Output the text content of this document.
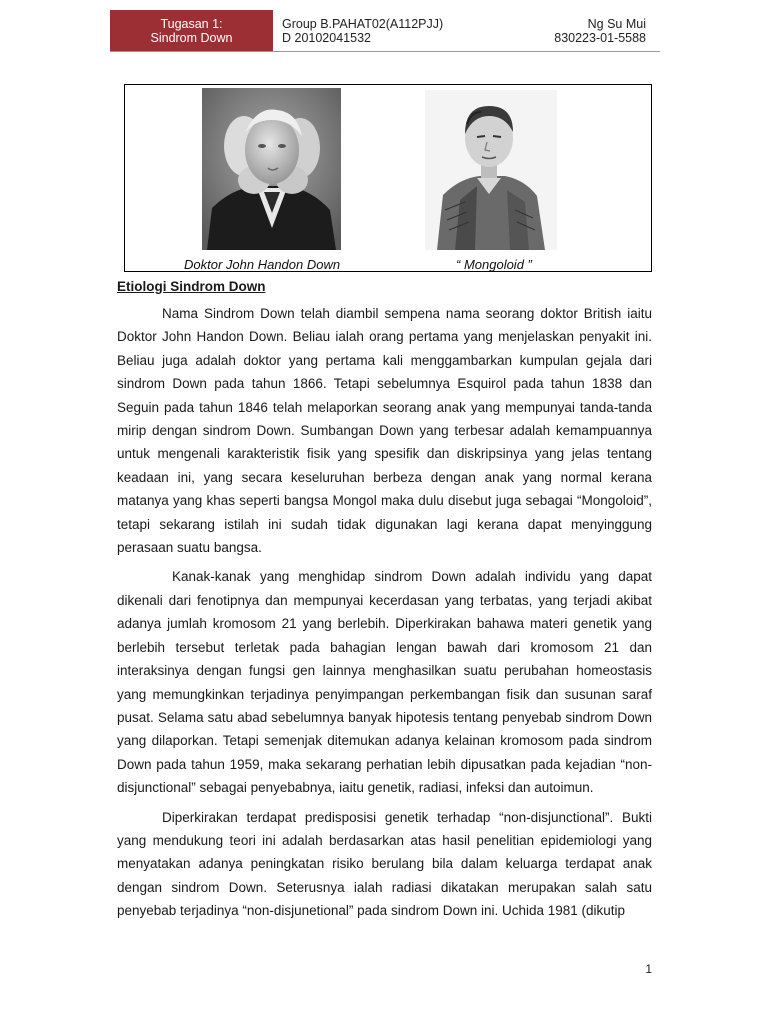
Tugasan 1:
Sindrom Down
Group B.PAHAT02(A112PJJ)
D 20102041532
Ng Su Mui
830223-01-5588
Doktor John Handon Down	“ Mongoloid ”
Etiologi Sindrom Down

Nama Sindrom Down telah diambil sempena nama seorang doktor British iaitu Doktor John Handon Down. Beliau ialah orang pertama yang menjelaskan penyakit ini. Beliau juga adalah doktor yang pertama kali menggambarkan kumpulan gejala dari sindrom Down pada tahun 1866. Tetapi sebelumnya Esquirol pada tahun 1838 dan Seguin pada tahun 1846 telah melaporkan seorang anak yang mempunyai tanda-tanda mirip dengan sindrom Down. Sumbangan Down yang terbesar adalah kemampuannya untuk mengenali karakteristik fisik yang spesifik dan diskripsinya yang jelas tentang keadaan ini, yang secara keseluruhan berbeza dengan anak yang normal kerana matanya yang khas seperti bangsa Mongol maka dulu disebut juga sebagai “Mongoloid”, tetapi sekarang istilah ini sudah tidak digunakan lagi kerana dapat menyinggung perasaan suatu bangsa.

Kanak-kanak yang menghidap sindrom Down adalah individu yang dapat dikenali dari fenotipnya dan mempunyai kecerdasan yang terbatas, yang terjadi akibat adanya jumlah kromosom 21 yang berlebih. Diperkirakan bahawa materi genetik yang berlebih tersebut terletak pada bahagian lengan bawah dari kromosom 21 dan interaksinya dengan fungsi gen lainnya menghasilkan suatu perubahan homeostasis yang memungkinkan terjadinya penyimpangan perkembangan fisik dan susunan saraf pusat. Selama satu abad sebelumnya banyak hipotesis tentang penyebab sindrom Down yang dilaporkan. Tetapi semenjak ditemukan adanya kelainan kromosom pada sindrom Down pada tahun 1959, maka sekarang perhatian lebih dipusatkan pada kejadian “non-disjunctional” sebagai penyebabnya, iaitu genetik, radiasi, infeksi dan autoimun.

Diperkirakan terdapat predisposisi genetik terhadap “non-disjunctional”. Bukti yang mendukung teori ini adalah berdasarkan atas hasil penelitian epidemiologi yang menyatakan adanya peningkatan risiko berulang bila dalam keluarga terdapat anak dengan sindrom Down. Seterusnya ialah radiasi dikatakan merupakan salah satu penyebab terjadinya “non-disjunetional” pada sindrom Down ini. Uchida 1981 (dikutip

1
